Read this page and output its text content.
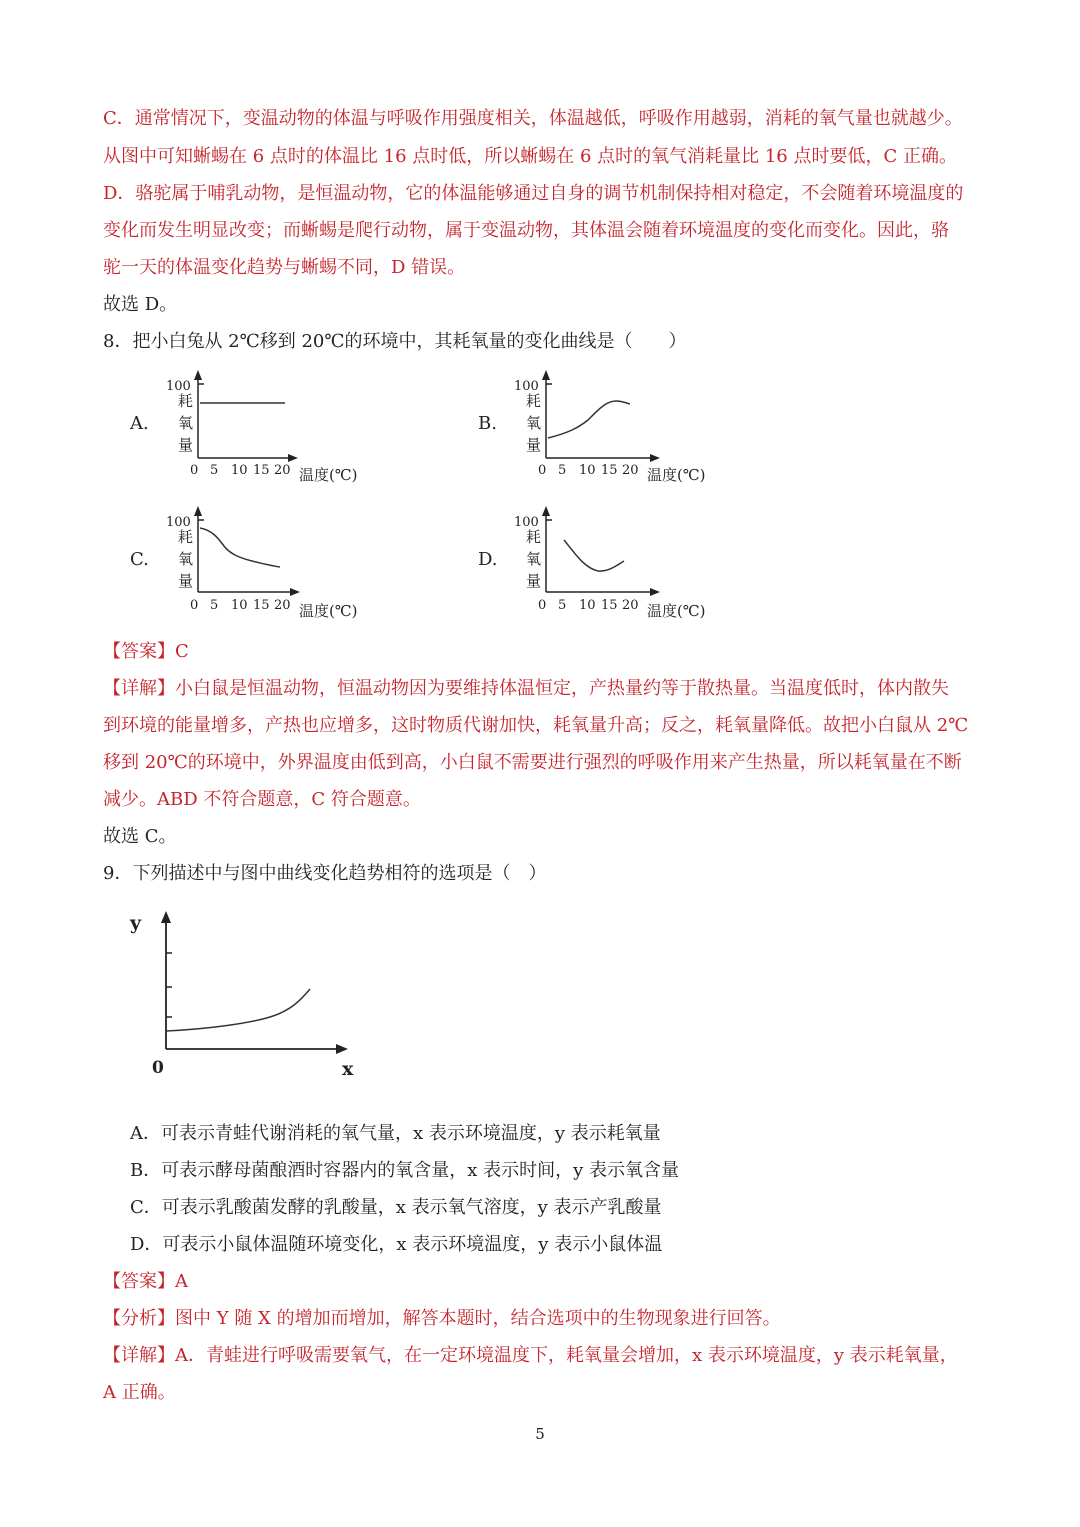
C．通常情况下，变温动物的体温与呼吸作用强度相关，体温越低，呼吸作用越弱，消耗的氧气量也就越少。
从图中可知蜥蜴在 6 点时的体温比 16 点时低，所以蜥蜴在 6 点时的氧气消耗量比 16 点时要低，C 正确。
D．骆驼属于哺乳动物，是恒温动物，它的体温能够通过自身的调节机制保持相对稳定，不会随着环境温度的
变化而发生明显改变；而蜥蜴是爬行动物，属于变温动物，其体温会随着环境温度的变化而变化。因此，骆
驼一天的体温变化趋势与蜥蜴不同，D 错误。
故选 D。
8．把小白兔从 2℃移到 20℃的环境中，其耗氧量的变化曲线是（　　）
A.	B.
C.	D.
100
耗
氧
量
0 5 10 15 20 温度(℃)
100
耗
氧
量
0 5 10 15 20 温度(℃)
100
耗
氧
量
0 5 10 15 20 温度(℃)
100
耗
氧
量
0 5 10 15 20 温度(℃)
【答案】C
【详解】小白鼠是恒温动物，恒温动物因为要维持体温恒定，产热量约等于散热量。当温度低时，体内散失
到环境的能量增多，产热也应增多，这时物质代谢加快，耗氧量升高；反之，耗氧量降低。故把小白鼠从 2℃
移到 20℃的环境中，外界温度由低到高，小白鼠不需要进行强烈的呼吸作用来产生热量，所以耗氧量在不断
减少。ABD 不符合题意，C 符合题意。
故选 C。
9．下列描述中与图中曲线变化趋势相符的选项是（　）
y
0	x
A．可表示青蛙代谢消耗的氧气量，x 表示环境温度，y 表示耗氧量
B．可表示酵母菌酿酒时容器内的氧含量，x 表示时间，y 表示氧含量
C．可表示乳酸菌发酵的乳酸量，x 表示氧气溶度，y 表示产乳酸量
D．可表示小鼠体温随环境变化，x 表示环境温度，y 表示小鼠体温
【答案】A
【分析】图中 Y 随 X 的增加而增加，解答本题时，结合选项中的生物现象进行回答。
【详解】A．青蛙进行呼吸需要氧气，在一定环境温度下，耗氧量会增加，x 表示环境温度，y 表示耗氧量，
A 正确。
5
